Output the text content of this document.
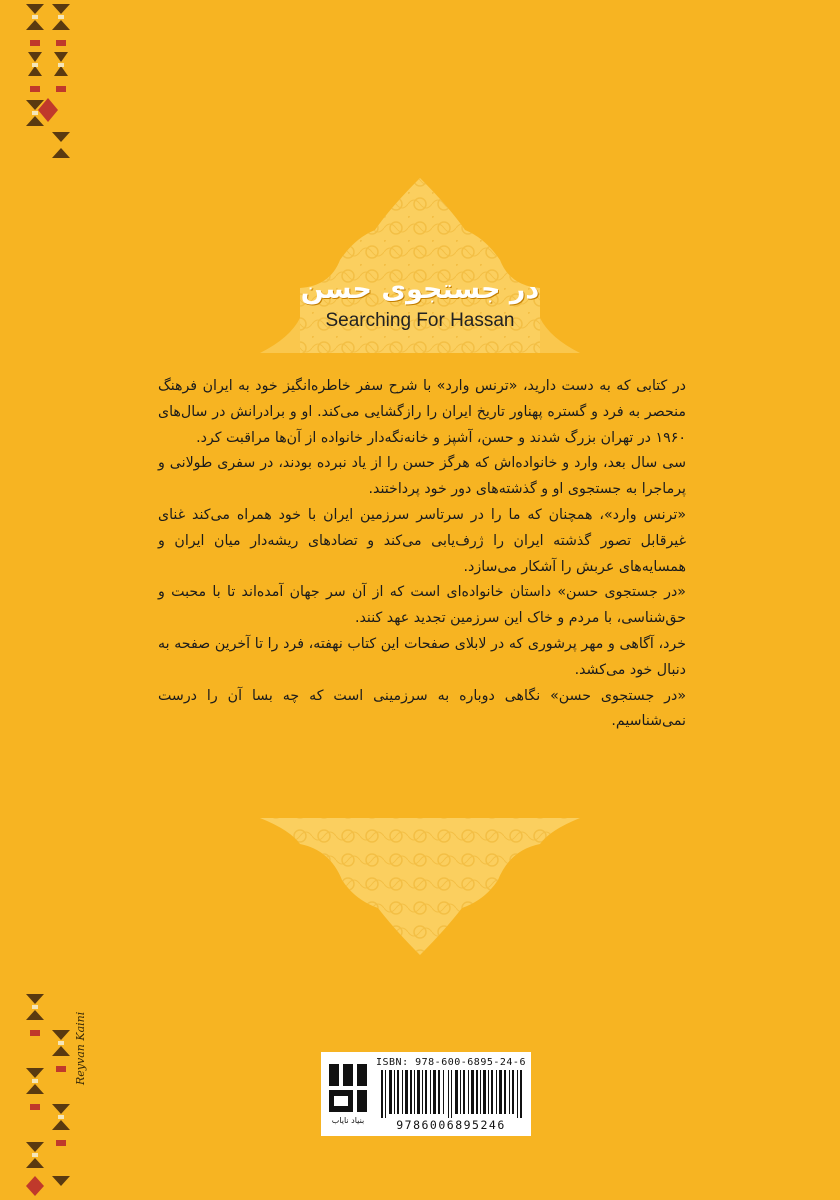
در جستجوی حسن
Searching For Hassan

در کتابی که به دست دارید، «ترنس وارد» با شرح سفر خاطره‌انگیز خود به ایران فرهنگ منحصر به فرد و گستره پهناور تاریخ ایران را رازگشایی می‌کند. او و برادرانش در سال‌های ۱۹۶۰ در تهران بزرگ شدند و حسن، آشپز و خانه‌نگه‌دار خانواده از آن‌ها مراقبت کرد.

سی سال بعد، وارد و خانواده‌اش که هرگز حسن را از یاد نبرده بودند، در سفری طولانی و پرماجرا به جستجوی او و گذشته‌های دور خود پرداختند.

«ترنس وارد»، همچنان که ما را در سرتاسر سرزمین ایران با خود همراه می‌کند غنای غیرقابل تصور گذشته ایران را ژرف‌یابی می‌کند و تضادهای ریشه‌دار میان ایران و همسایه‌های عربش را آشکار می‌سازد.

«در جستجوی حسن» داستان خانواده‌ای است که از آن سر جهان آمده‌اند تا با محبت و حق‌شناسی، با مردم و خاک این سرزمین تجدید عهد کنند.

خرد، آگاهی و مهر پرشوری که در لابلای صفحات این کتاب نهفته، فرد را تا آخرین صفحه به دنبال خود می‌کشد.

«در جستجوی حسن» نگاهی دوباره به سرزمینی است که چه بسا آن را درست نمی‌شناسیم.

ISBN: 978-600-6895-24-6
بنیاد نایاب	9786006895246
Reyvan Kaini
